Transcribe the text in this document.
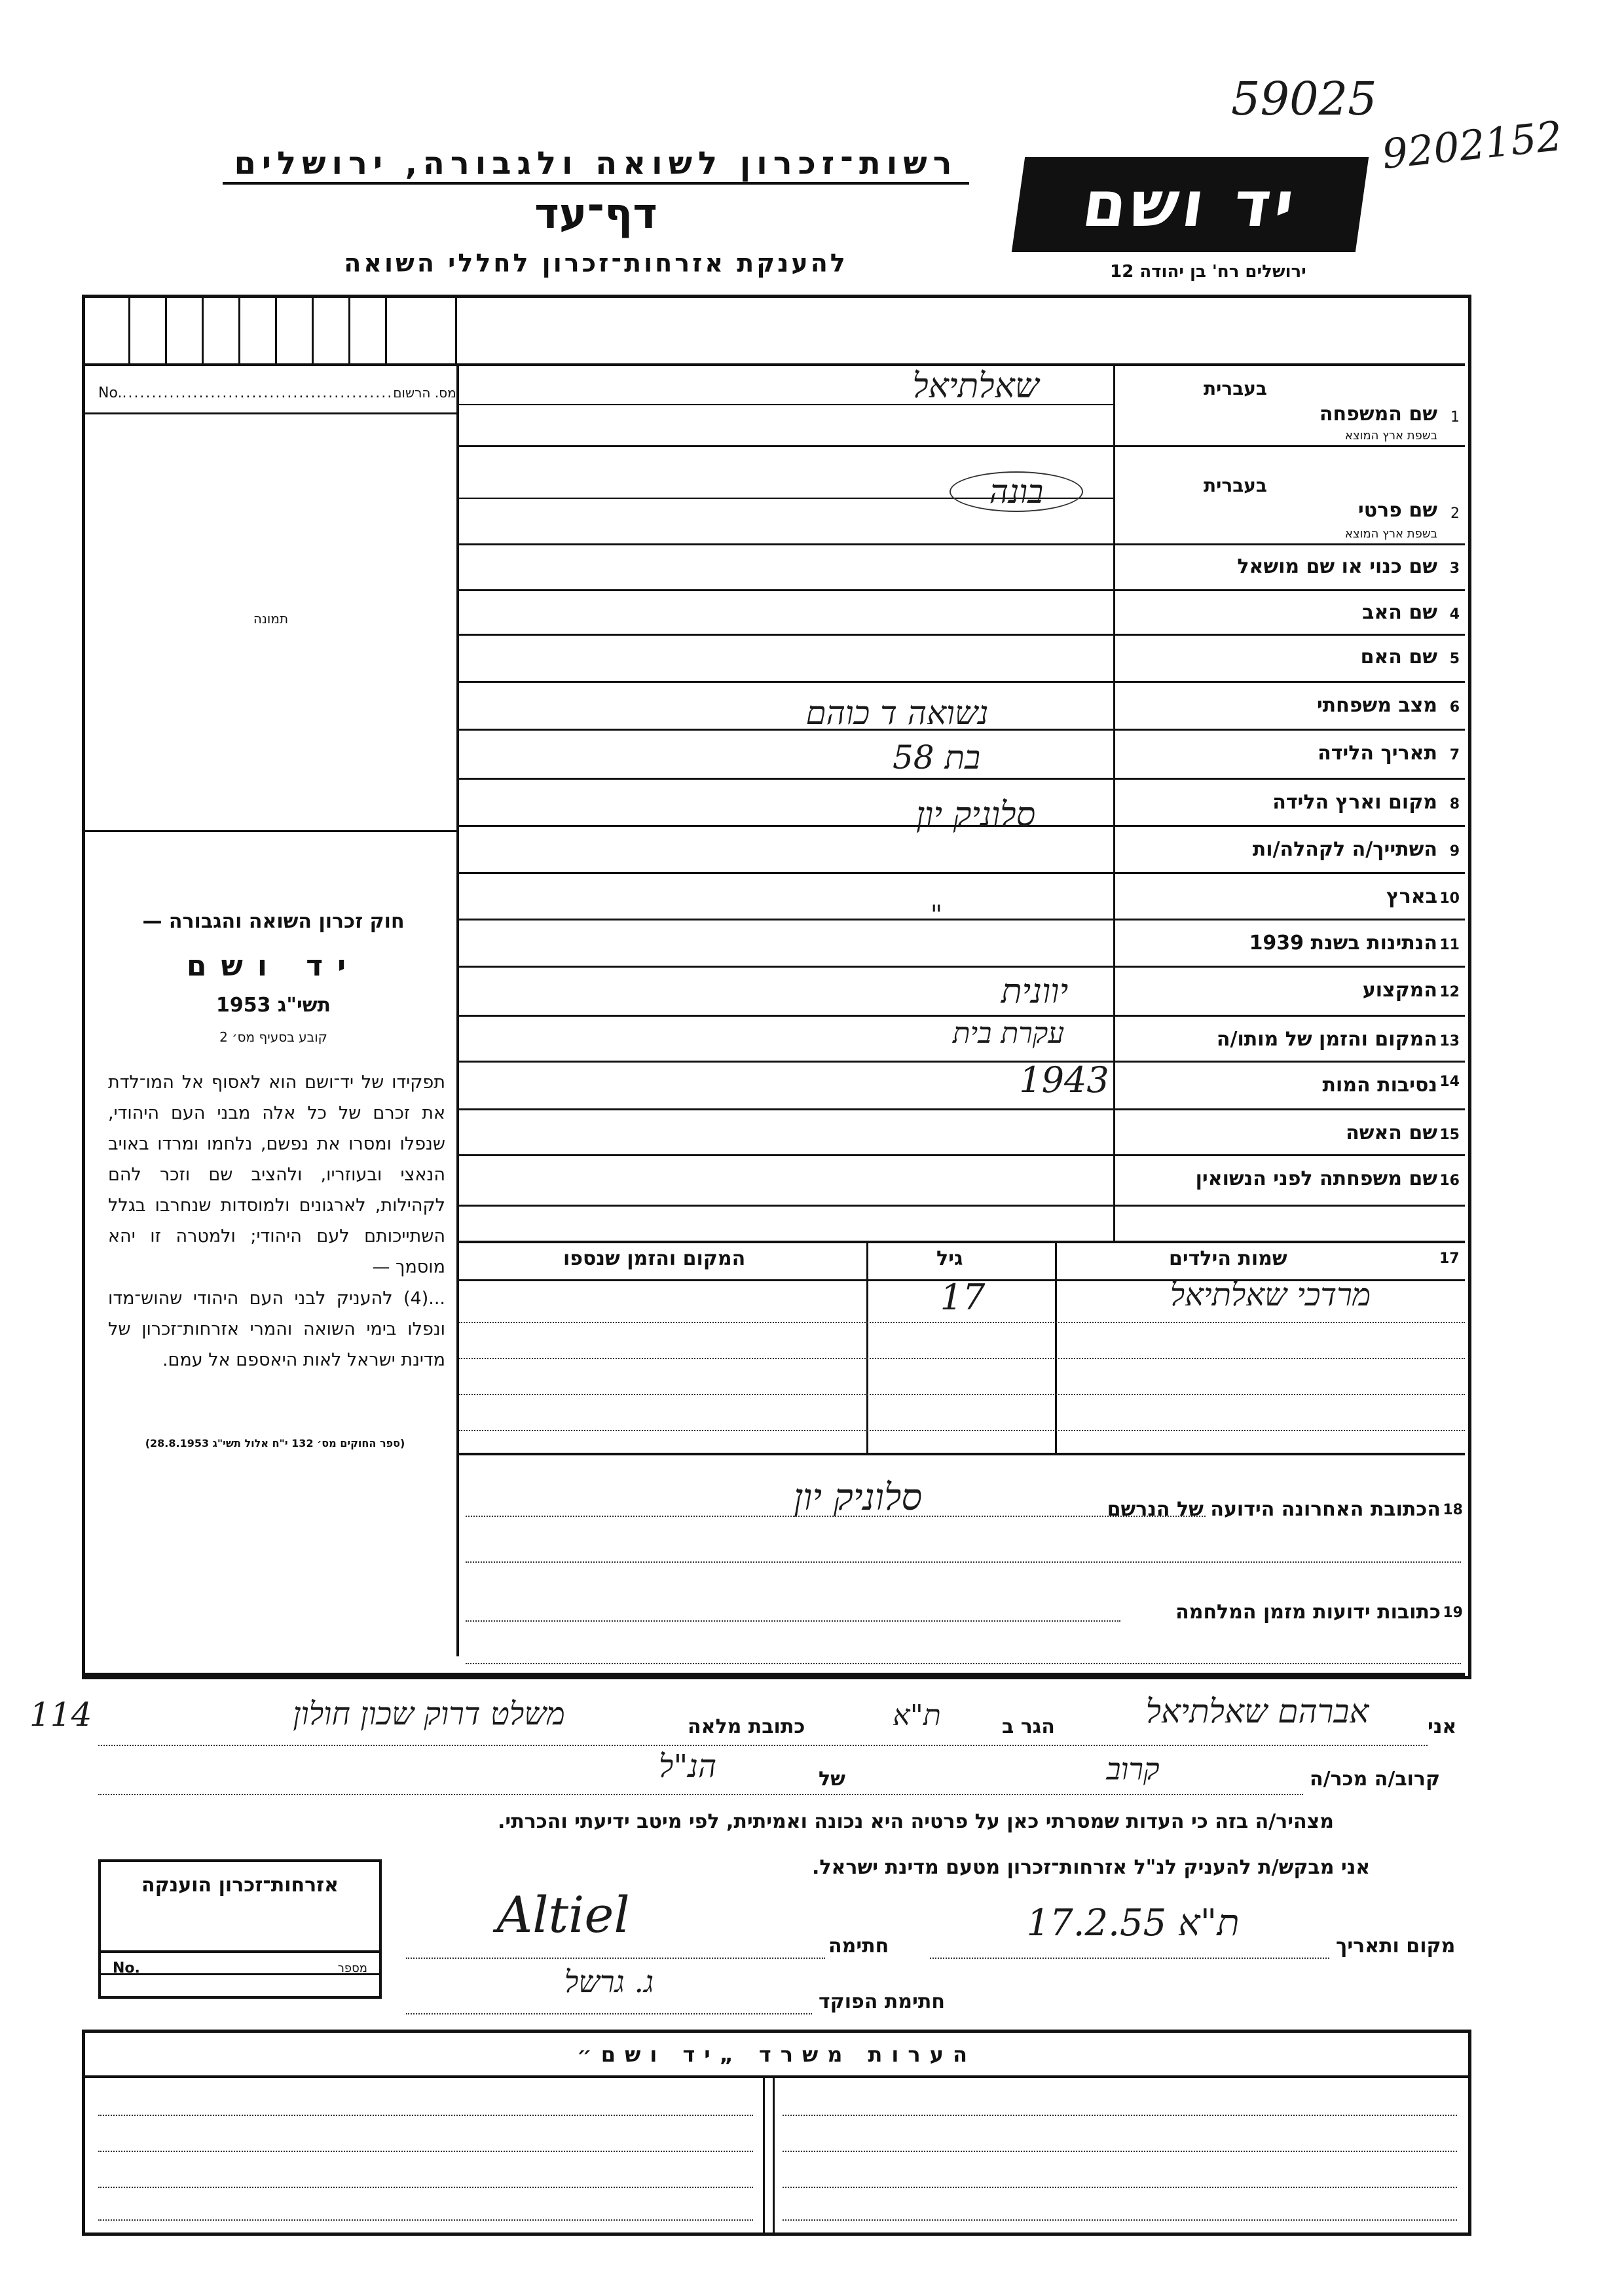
59025
9202152
רשות־זכרון לשואה ולגבורה, ירושלים
דף־עד
להענקת אזרחות־זכרון לחללי השואה
יד ושם
ירושלים רח' בן יהודה 12
No...............................................מס. הרשום
תמונה
חוק זכרון השואה והגבורה —
יד ושם
תשי"ג 1953
קובע בסעיף מס׳ 2
תפקידו של יד־ושם הוא לאסוף אל המו־לדת את זכרם של כל אלה מבני העם היהודי, שנפלו ומסרו את נפשם, נלחמו ומרדו באויב הנאצי ובעוזריו, ולהציב שם וזכר להם לקהילות, לארגונים ולמוסדות שנחרבו בגלל השתייכותם לעם היהודי; ולמטרה זו יהא מוסמך —
...(4) להעניק לבני העם היהודי שהוש־מדו ונפלו בימי השואה והמרי אזרחות־זכרון של מדינת ישראל לאות היאספם אל עמם.
(ספר החוקים מס׳ 132 י"ח אלול תשי"ג 28.8.1953)
1
שם המשפחה
בעברית
בשפת ארץ המוצא
שאלתיאל
2
שם פרטי
בעברית
בשפת ארץ המוצא
בונה
3
שם כנוי או שם מושאל
4
שם האב
5
שם האם
6
מצב משפחתי
7
תאריך הלידה
8
מקום וארץ הלידה
9
השתייך/ה לקהלה/ות
10
בארץ
11
הנתינות בשנת 1939
12
המקצוע
13
המקום והזמן של מותו/ה
14
נסיבות המות
15
שם האשה
16
שם משפחתה לפני הנשואין
נשואה ד כוהם
בת 58
סלוניק יון
"
יוונית
עקרת בית
1943
17
שמות הילדים
גיל
המקום והזמן שנספו
מרדכי שאלתיאל
17
18
הכתובת האחרונה הידועה של הנרשם
סלוניק יון
19
כתובות ידועות מזמן המלחמה
אני
אברהם שאלתיאל
הגר ב
ת"א
כתובת מלאה
משלט דרוק שכון חולון
114
קרוב/ה מכר/ה
קרוב
של
הנ"ל
מצהיר/ה בזה כי העדות שמסרתי כאן על פרטיה היא נכונה ואמיתית, לפי מיטב ידיעתי והכרתי.
אני מבקש/ת להעניק לנ"ל אזרחות־זכרון מטעם מדינת ישראל.
מקום ותאריך
ת"א 17.2.55
חתימה
Altiel
חתימת הפוקד
ג. גרשל
אזרחות־זכרון הוענקה
No.	מספר
הערות משרד „יד ושם״
